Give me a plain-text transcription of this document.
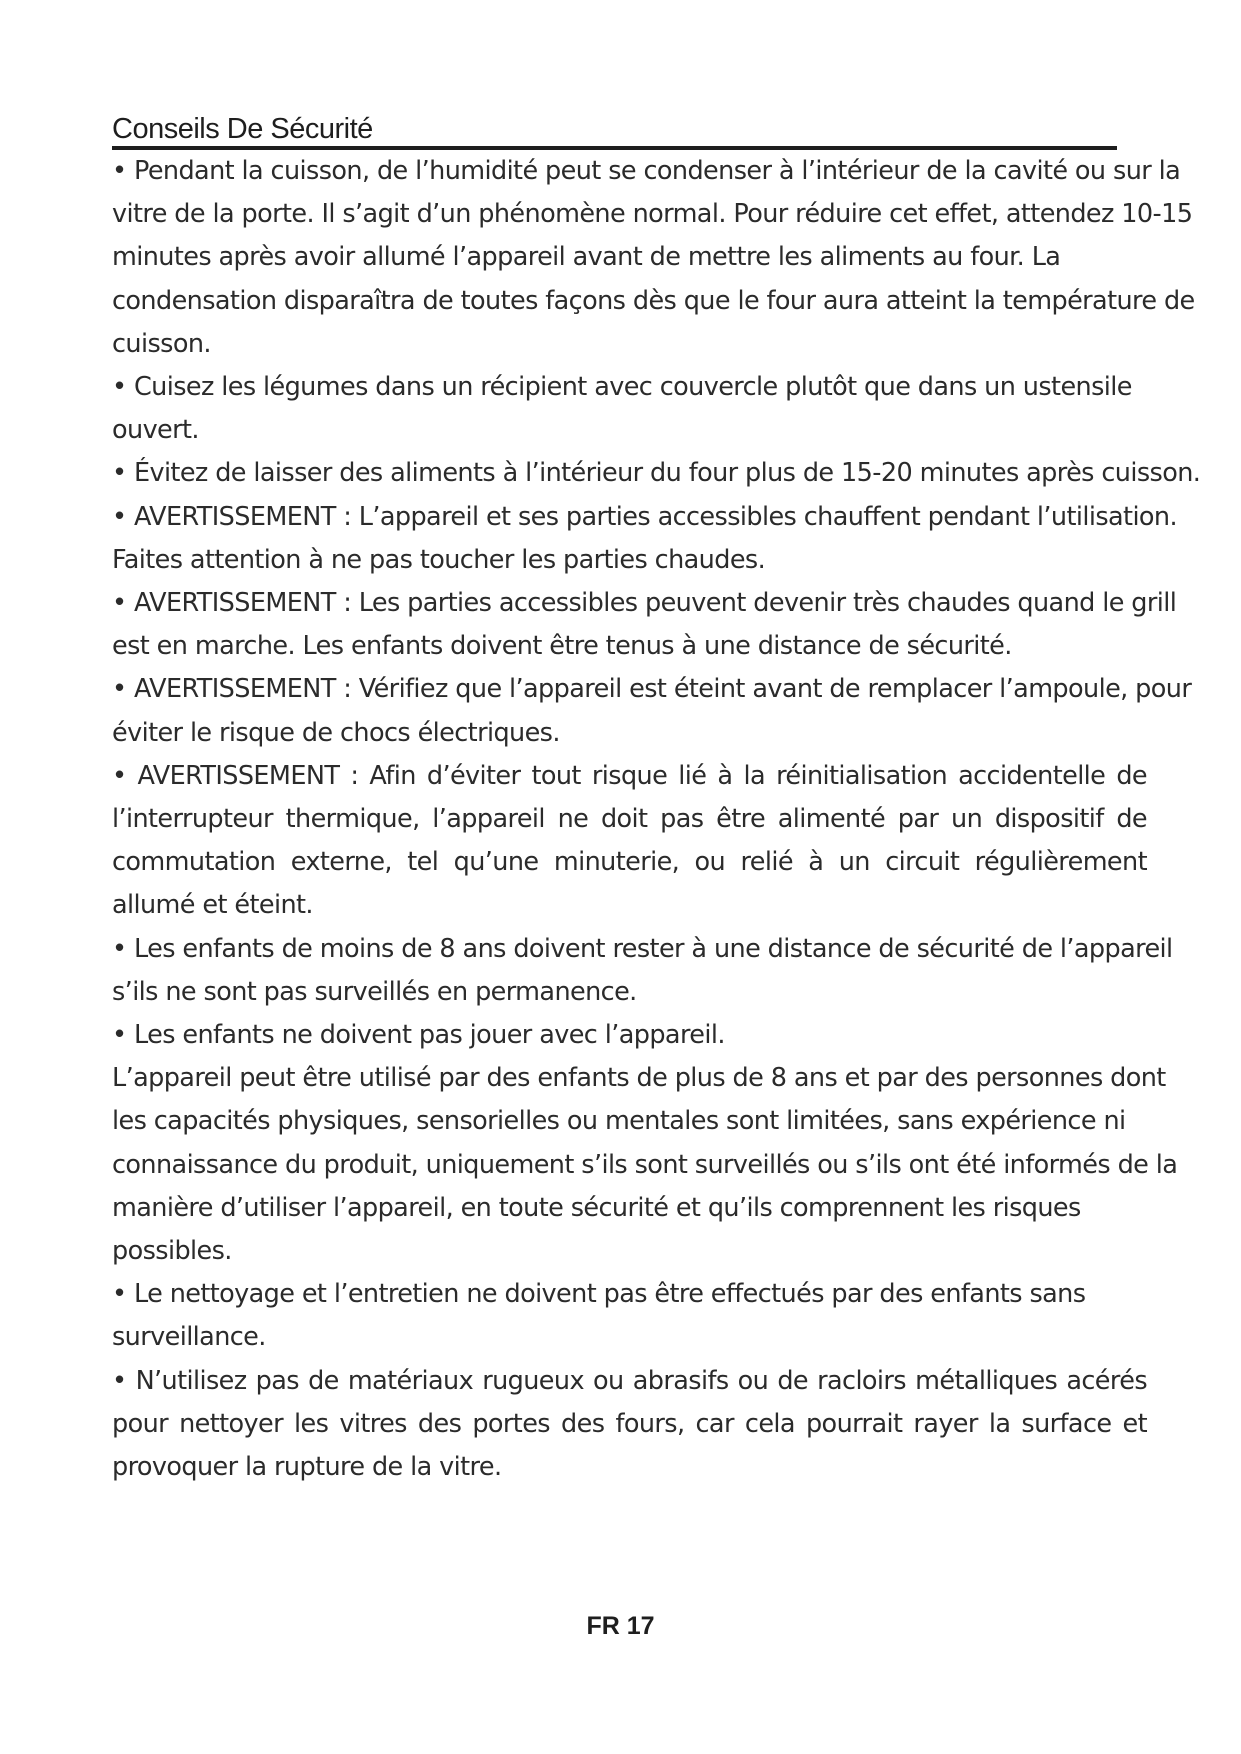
Conseils De Sécurité

• Pendant la cuisson, de l’humidité peut se condenser à l’intérieur de la cavité ou sur la vitre de la porte. Il s’agit d’un phénomène normal. Pour réduire cet effet, attendez 10-15 minutes après avoir allumé l’appareil avant de mettre les aliments au four. La condensation disparaîtra de toutes façons dès que le four aura atteint la température de cuisson.

• Cuisez les légumes dans un récipient avec couvercle plutôt que dans un ustensile ouvert.

• Évitez de laisser des aliments à l’intérieur du four plus de 15-20 minutes après cuisson.

• AVERTISSEMENT : L’appareil et ses parties accessibles chauffent pendant l’utilisation.

Faites attention à ne pas toucher les parties chaudes.

• AVERTISSEMENT : Les parties accessibles peuvent devenir très chaudes quand le grill est en marche. Les enfants doivent être tenus à une distance de sécurité.

• AVERTISSEMENT : Vérifiez que l’appareil est éteint avant de remplacer l’ampoule, pour éviter le risque de chocs électriques.

• AVERTISSEMENT : Afin d’éviter tout risque lié à la réinitialisation accidentelle de l’interrupteur thermique, l’appareil ne doit pas être alimenté par un dispositif de commutation externe, tel qu’une minuterie, ou relié à un circuit régulièrement allumé et éteint.

• Les enfants de moins de 8 ans doivent rester à une distance de sécurité de l’appareil s’ils ne sont pas surveillés en permanence.

• Les enfants ne doivent pas jouer avec l’appareil.

L’appareil peut être utilisé par des enfants de plus de 8 ans et par des personnes dont les capacités physiques, sensorielles ou mentales sont limitées, sans expérience ni connaissance du produit, uniquement s’ils sont surveillés ou s’ils ont été informés de la manière d’utiliser l’appareil, en toute sécurité et qu’ils comprennent les risques possibles.

• Le nettoyage et l’entretien ne doivent pas être effectués par des enfants sans surveillance.

• N’utilisez pas de matériaux rugueux ou abrasifs ou de racloirs métalliques acérés pour nettoyer les vitres des portes des fours, car cela pourrait rayer la surface et provoquer la rupture de la vitre.

FR 17
